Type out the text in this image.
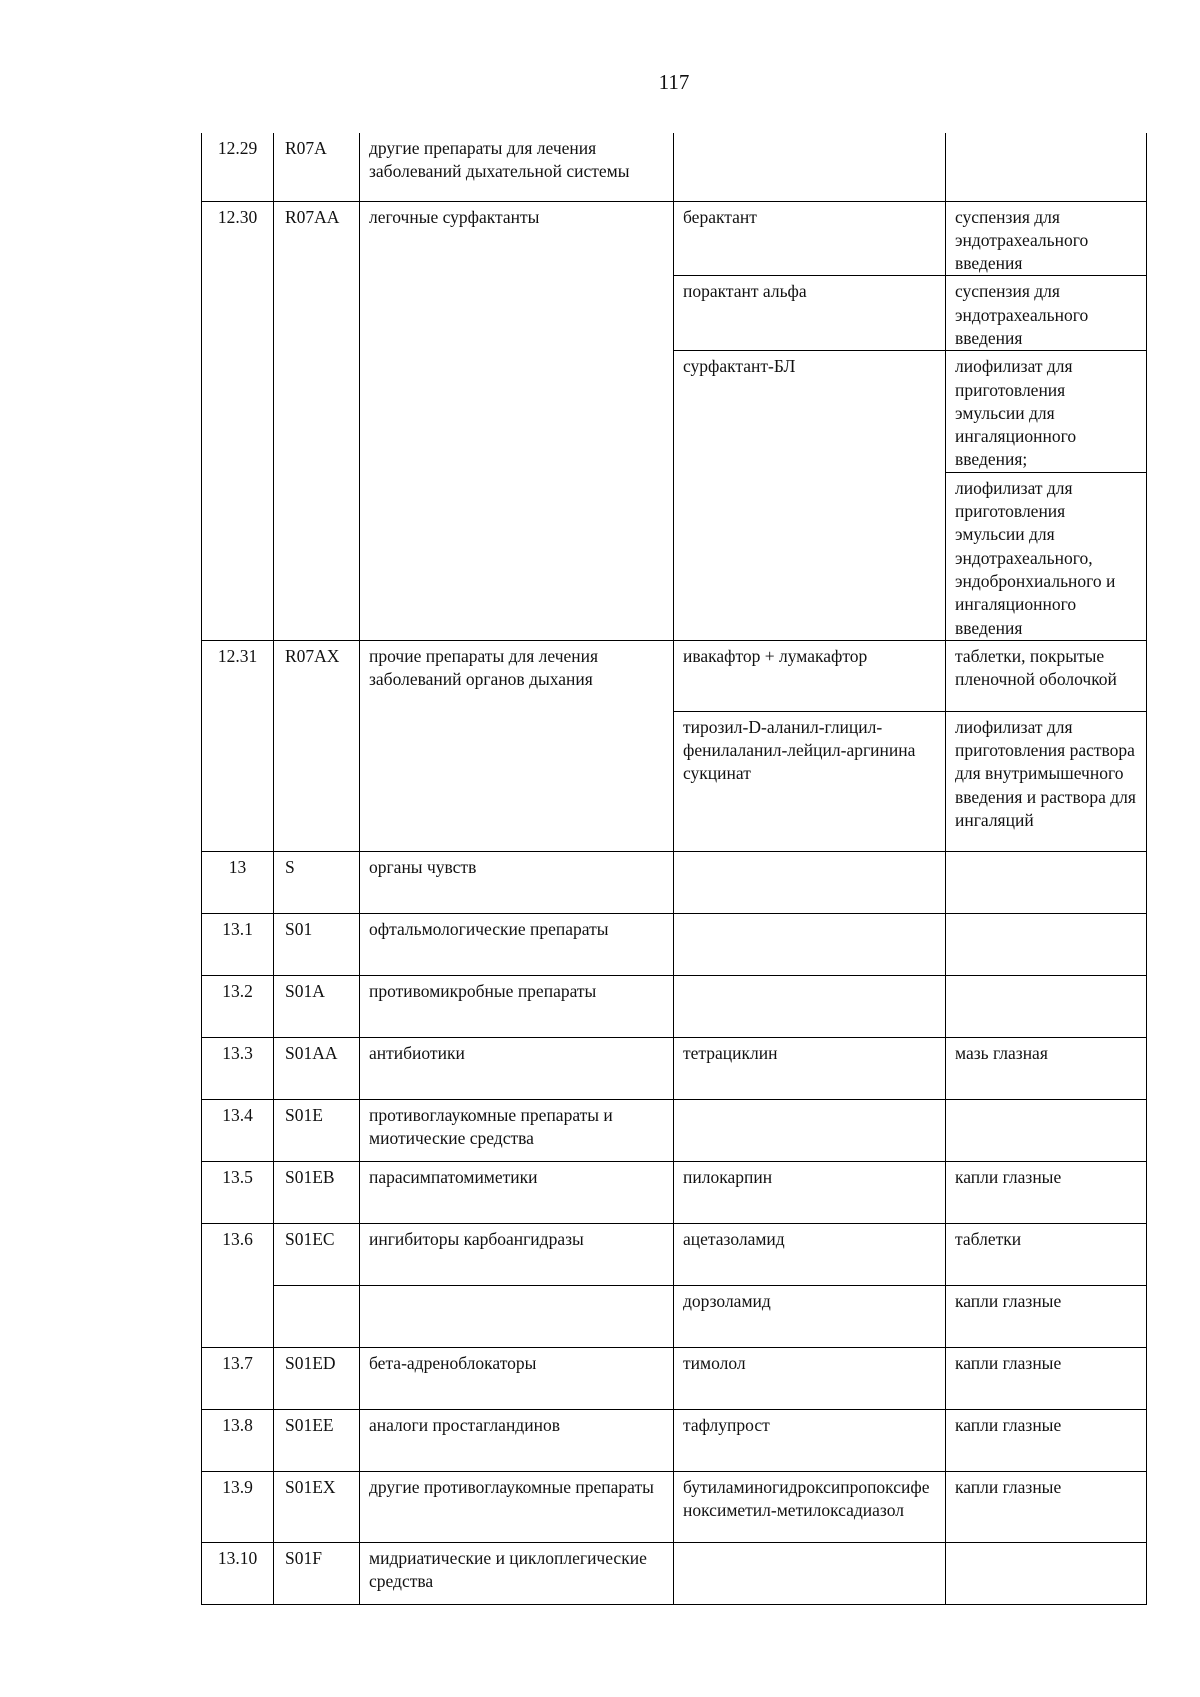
117
12.29	R07A	другие препараты для лечения заболеваний дыхательной системы		
12.30	R07AA	легочные сурфактанты	берактант	суспензия для эндотрахеального введения
			порактант альфа	суспензия для эндотрахеального введения
			сурфактант-БЛ	лиофилизат для приготовления эмульсии для ингаляционного введения;
				лиофилизат для приготовления эмульсии для эндотрахеального, эндобронхиального и ингаляционного введения
12.31	R07AX	прочие препараты для лечения заболеваний органов дыхания	ивакафтор + лумакафтор	таблетки, покрытые пленочной оболочкой
			тирозил-D-аланил-глицил-фенилаланил-лейцил-аргинина сукцинат	лиофилизат для приготовления раствора для внутримышечного введения и раствора для ингаляций
13	S	органы чувств		
13.1	S01	офтальмологические препараты		
13.2	S01A	противомикробные препараты		
13.3	S01AA	антибиотики	тетрациклин	мазь глазная
13.4	S01E	противоглаукомные препараты и миотические средства		
13.5	S01EB	парасимпатомиметики	пилокарпин	капли глазные
13.6	S01EC	ингибиторы карбоангидразы	ацетазоламид	таблетки
			дорзоламид	капли глазные
13.7	S01ED	бета-адреноблокаторы	тимолол	капли глазные
13.8	S01EE	аналоги простагландинов	тафлупрост	капли глазные
13.9	S01EX	другие противоглаукомные препараты	бутиламиногидроксипропоксифеноксиметил-метилоксадиазол	капли глазные
13.10	S01F	мидриатические и циклоплегические средства		
